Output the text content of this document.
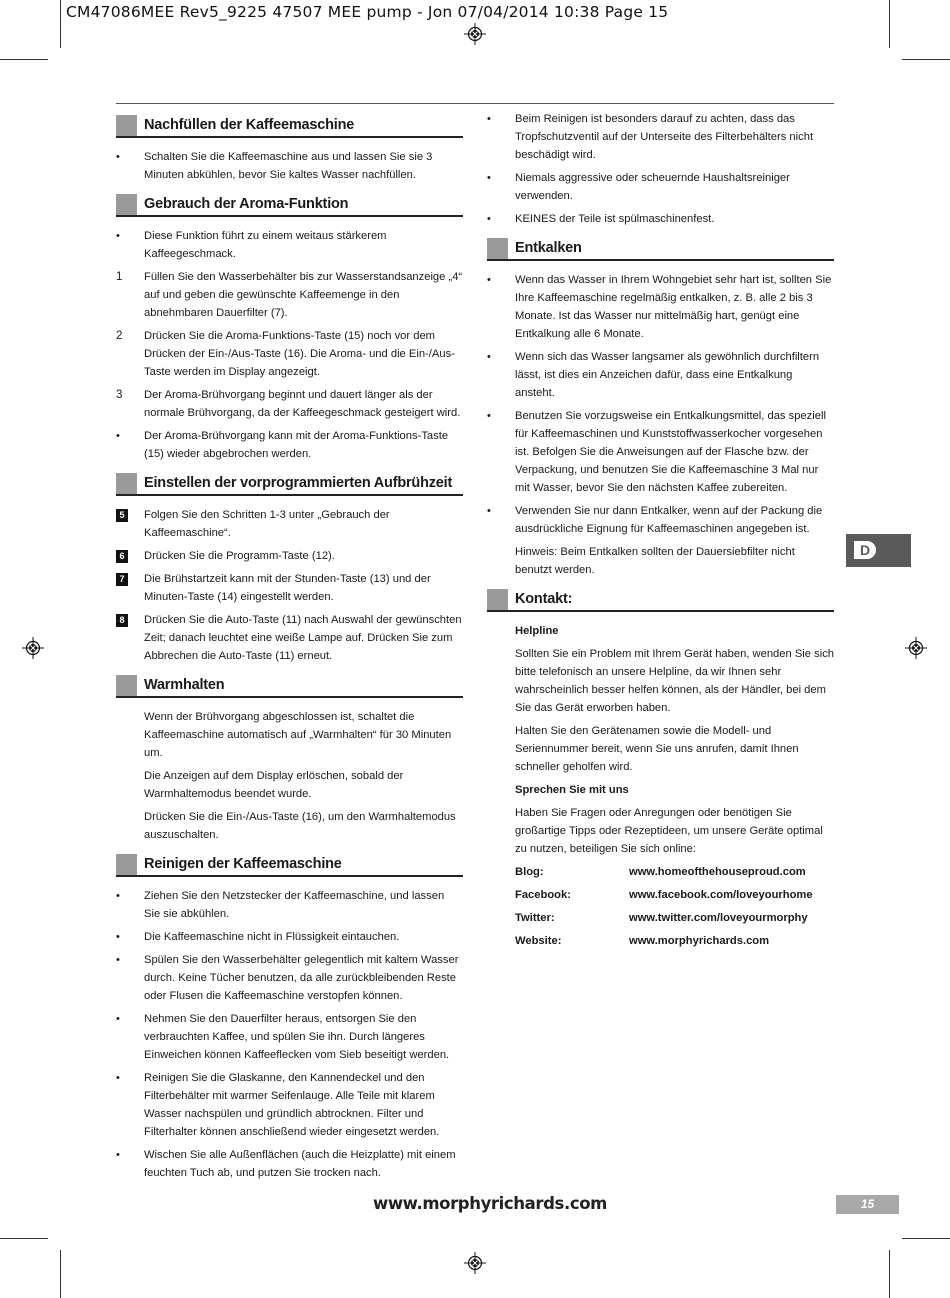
CM47086MEE Rev5_9225 47507 MEE pump - Jon 07/04/2014 10:38 Page 15
Nachfüllen der Kaffeemaschine
•	Schalten Sie die Kaffeemaschine aus und lassen Sie sie 3 Minuten abkühlen, bevor Sie kaltes Wasser nachfüllen.
Gebrauch der Aroma-Funktion
•	Diese Funktion führt zu einem weitaus stärkerem Kaffeegeschmack.
1	Füllen Sie den Wasserbehälter bis zur Wasserstandsanzeige „4“ auf und geben die gewünschte Kaffeemenge in den abnehmbaren Dauerfilter (7).
2	Drücken Sie die Aroma-Funktions-Taste (15) noch vor dem Drücken der Ein-/Aus-Taste (16). Die Aroma- und die Ein-/Aus-Taste werden im Display angezeigt.
3	Der Aroma-Brühvorgang beginnt und dauert länger als der normale Brühvorgang, da der Kaffeegeschmack gesteigert wird.
•	Der Aroma-Brühvorgang kann mit der Aroma-Funktions-Taste (15) wieder abgebrochen werden.
Einstellen der vorprogrammierten Aufbrühzeit
5	Folgen Sie den Schritten 1-3 unter „Gebrauch der Kaffeemaschine“.
6	Drücken Sie die Programm-Taste (12).
7	Die Brühstartzeit kann mit der Stunden-Taste (13) und der Minuten-Taste (14) eingestellt werden.
8	Drücken Sie die Auto-Taste (11) nach Auswahl der gewünschten Zeit; danach leuchtet eine weiße Lampe auf. Drücken Sie zum Abbrechen die Auto-Taste (11) erneut.
Warmhalten
Wenn der Brühvorgang abgeschlossen ist, schaltet die Kaffeemaschine automatisch auf „Warmhalten“ für 30 Minuten um.
Die Anzeigen auf dem Display erlöschen, sobald der Warmhaltemodus beendet wurde.
Drücken Sie die Ein-/Aus-Taste (16), um den Warmhaltemodus auszuschalten.
Reinigen der Kaffeemaschine
•	Ziehen Sie den Netzstecker der Kaffeemaschine, und lassen Sie sie abkühlen.
•	Die Kaffeemaschine nicht in Flüssigkeit eintauchen.
•	Spülen Sie den Wasserbehälter gelegentlich mit kaltem Wasser durch. Keine Tücher benutzen, da alle zurückbleibenden Reste oder Flusen die Kaffeemaschine verstopfen können.
•	Nehmen Sie den Dauerfilter heraus, entsorgen Sie den verbrauchten Kaffee, und spülen Sie ihn. Durch längeres Einweichen können Kaffeeflecken vom Sieb beseitigt werden.
•	Reinigen Sie die Glaskanne, den Kannendeckel und den Filterbehälter mit warmer Seifenlauge. Alle Teile mit klarem Wasser nachspülen und gründlich abtrocknen. Filter und Filterhalter können anschließend wieder eingesetzt werden.
•	Wischen Sie alle Außenflächen (auch die Heizplatte) mit einem feuchten Tuch ab, und putzen Sie trocken nach.
•	Beim Reinigen ist besonders darauf zu achten, dass das Tropfschutzventil auf der Unterseite des Filterbehälters nicht beschädigt wird.
•	Niemals aggressive oder scheuernde Haushaltsreiniger verwenden.
•	KEINES der Teile ist spülmaschinenfest.
Entkalken
•	Wenn das Wasser in Ihrem Wohngebiet sehr hart ist, sollten Sie Ihre Kaffeemaschine regelmäßig entkalken, z. B. alle 2 bis 3 Monate. Ist das Wasser nur mittelmäßig hart, genügt eine Entkalkung alle 6 Monate.
•	Wenn sich das Wasser langsamer als gewöhnlich durchfiltern lässt, ist dies ein Anzeichen dafür, dass eine Entkalkung ansteht.
•	Benutzen Sie vorzugsweise ein Entkalkungsmittel, das speziell für Kaffeemaschinen und Kunststoffwasserkocher vorgesehen ist. Befolgen Sie die Anweisungen auf der Flasche bzw. der Verpackung, und benutzen Sie die Kaffeemaschine 3 Mal nur mit Wasser, bevor Sie den nächsten Kaffee zubereiten.
•	Verwenden Sie nur dann Entkalker, wenn auf der Packung die ausdrückliche Eignung für Kaffeemaschinen angegeben ist.
Hinweis: Beim Entkalken sollten der Dauersiebfilter nicht benutzt werden.
Kontakt:
Helpline
Sollten Sie ein Problem mit Ihrem Gerät haben, wenden Sie sich bitte telefonisch an unsere Helpline, da wir Ihnen sehr wahrscheinlich besser helfen können, als der Händler, bei dem Sie das Gerät erworben haben.
Halten Sie den Gerätenamen sowie die Modell- und Seriennummer bereit, wenn Sie uns anrufen, damit Ihnen schneller geholfen wird.
Sprechen Sie mit uns
Haben Sie Fragen oder Anregungen oder benötigen Sie großartige Tipps oder Rezeptideen, um unsere Geräte optimal zu nutzen, beteiligen Sie sich online:
Blog:	www.homeofthehouseproud.com
Facebook:	www.facebook.com/loveyourhome
Twitter:	www.twitter.com/loveyourmorphy
Website:	www.morphyrichards.com
D
www.morphyrichards.com	15
